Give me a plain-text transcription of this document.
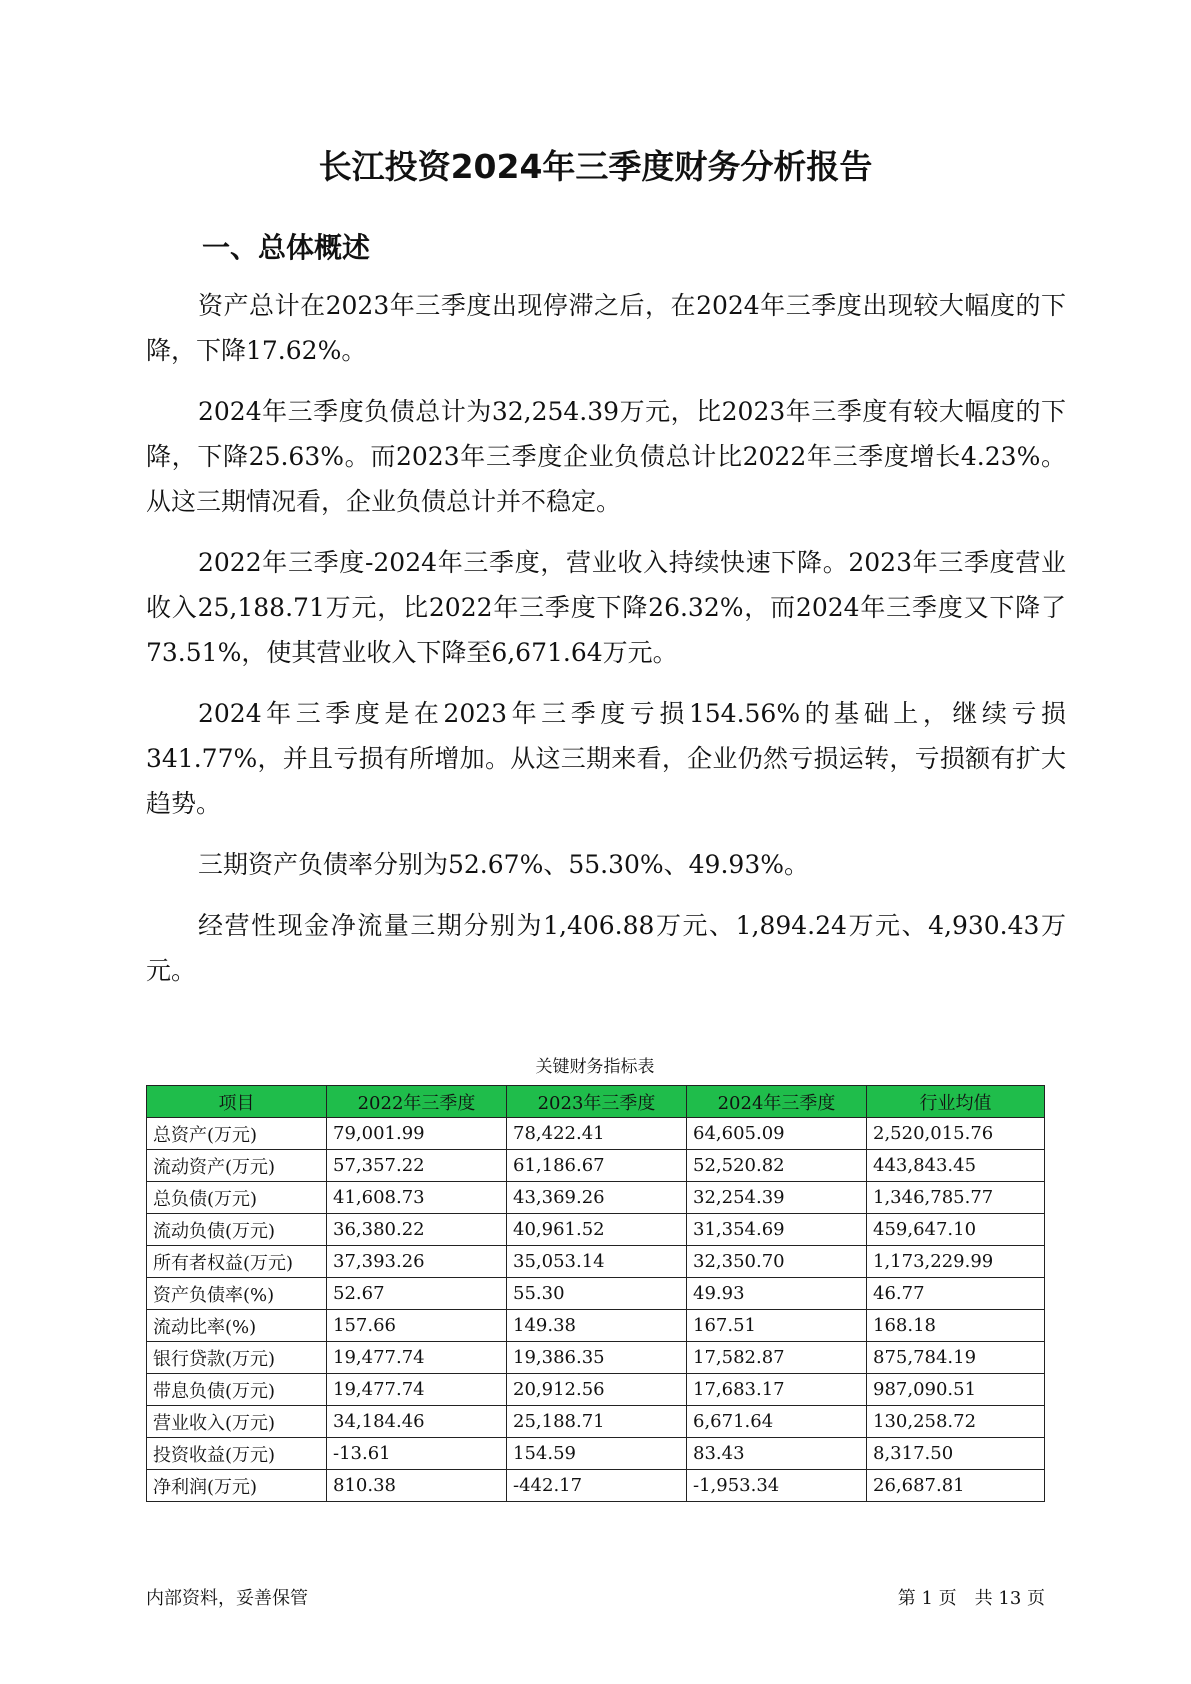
长江投资2024年三季度财务分析报告
一、总体概述

资产总计在2023年三季度出现停滞之后，在2024年三季度出现较大幅度的下降，下降17.62%。

2024年三季度负债总计为32,254.39万元，比2023年三季度有较大幅度的下降，下降25.63%。而2023年三季度企业负债总计比2022年三季度增长4.23%。从这三期情况看，企业负债总计并不稳定。

2022年三季度-2024年三季度，营业收入持续快速下降。2023年三季度营业收入25,188.71万元，比2022年三季度下降26.32%，而2024年三季度又下降了73.51%，使其营业收入下降至6,671.64万元。

2024年三季度是在2023年三季度亏损154.56%的基础上，继续亏损341.77%，并且亏损有所增加。从这三期来看，企业仍然亏损运转，亏损额有扩大趋势。

三期资产负债率分别为52.67%、55.30%、49.93%。

经营性现金净流量三期分别为1,406.88万元、1,894.24万元、4,930.43万元。

关键财务指标表
项目	2022年三季度	2023年三季度	2024年三季度	行业均值
总资产(万元)	79,001.99	78,422.41	64,605.09	2,520,015.76
流动资产(万元)	57,357.22	61,186.67	52,520.82	443,843.45
总负债(万元)	41,608.73	43,369.26	32,254.39	1,346,785.77
流动负债(万元)	36,380.22	40,961.52	31,354.69	459,647.10
所有者权益(万元)	37,393.26	35,053.14	32,350.70	1,173,229.99
资产负债率(%)	52.67	55.30	49.93	46.77
流动比率(%)	157.66	149.38	167.51	168.18
银行贷款(万元)	19,477.74	19,386.35	17,582.87	875,784.19
带息负债(万元)	19,477.74	20,912.56	17,683.17	987,090.51
营业收入(万元)	34,184.46	25,188.71	6,671.64	130,258.72
投资收益(万元)	-13.61	154.59	83.43	8,317.50
净利润(万元)	810.38	-442.17	-1,953.34	26,687.81
内部资料，妥善保管	第 1 页　共 13 页
